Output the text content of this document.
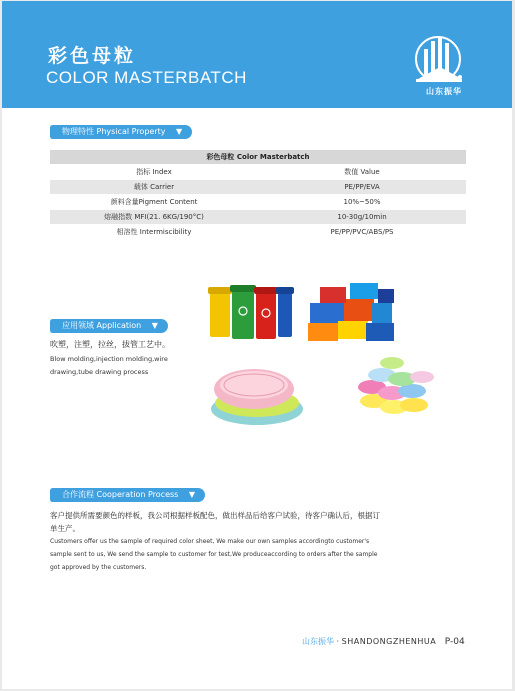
彩色母粒
COLOR MASTERBATCH
山东振华
物理特性 Physical Property ▼
彩色母粒 Color Masterbatch	
指标 Index	数值 Value
载体 Carrier	PE/PP/EVA
颜料含量Pigment Content	10%~50%
熔融指数 MFI(21. 6KG/190°C)	10-30g/10min
相溶性 Intermiscibility	PE/PP/PVC/ABS/PS
应用领域 Application ▼
吹塑，注塑，拉丝，拔管工艺中。
Blow molding,injection molding,wire drawing,tube drawing process
合作流程 Cooperation Process ▼
客户提供所需要颜色的样板，我公司根据样板配色，做出样品后给客户试验，待客户确认后，根据订单生产。
Customers offer us the sample of required color sheet, We make our own samples accordingto customer's sample sent to us, We send the sample to customer for test,We produceaccording to orders after the sample got approved by the customers.
山东振华 · SHANDONGZHENHUA P-04
